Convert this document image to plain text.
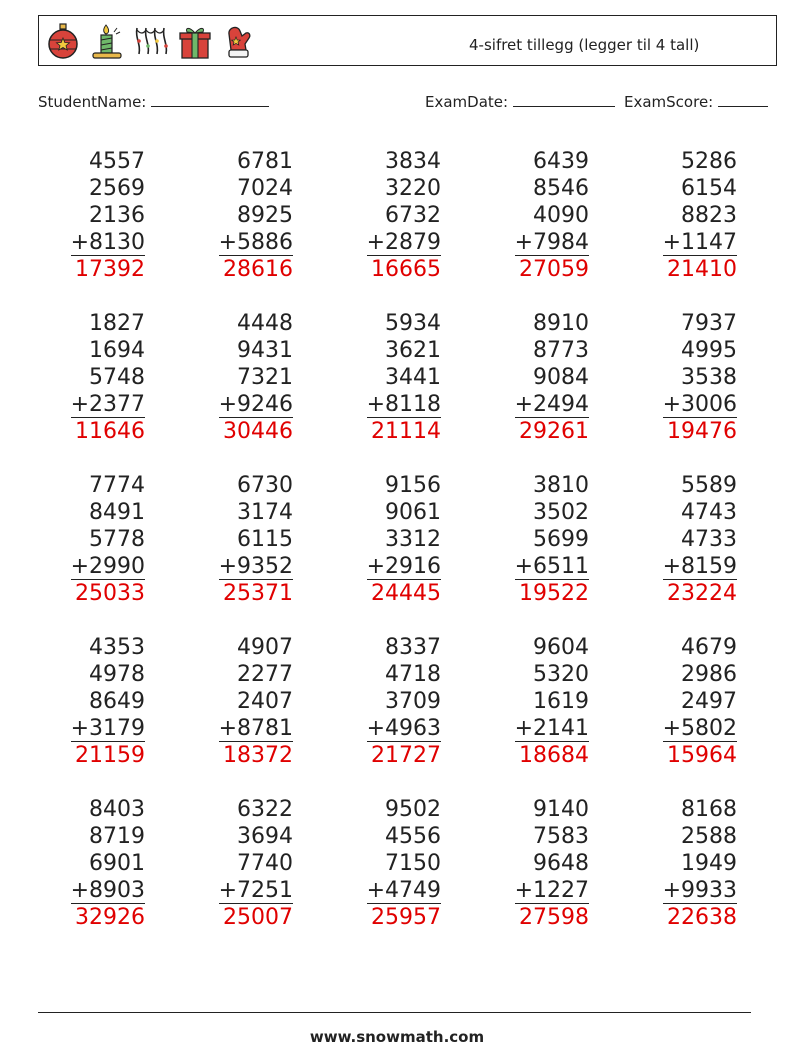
4-sifret tillegg (legger til 4 tall)
StudentName:	ExamDate:	ExamScore:
4557
2569
2136
+8130
17392
6781
7024
8925
+5886
28616
3834
3220
6732
+2879
16665
6439
8546
4090
+7984
27059
5286
6154
8823
+1147
21410
1827
1694
5748
+2377
11646
4448
9431
7321
+9246
30446
5934
3621
3441
+8118
21114
8910
8773
9084
+2494
29261
7937
4995
3538
+3006
19476
7774
8491
5778
+2990
25033
6730
3174
6115
+9352
25371
9156
9061
3312
+2916
24445
3810
3502
5699
+6511
19522
5589
4743
4733
+8159
23224
4353
4978
8649
+3179
21159
4907
2277
2407
+8781
18372
8337
4718
3709
+4963
21727
9604
5320
1619
+2141
18684
4679
2986
2497
+5802
15964
8403
8719
6901
+8903
32926
6322
3694
7740
+7251
25007
9502
4556
7150
+4749
25957
9140
7583
9648
+1227
27598
8168
2588
1949
+9933
22638
www.snowmath.com
